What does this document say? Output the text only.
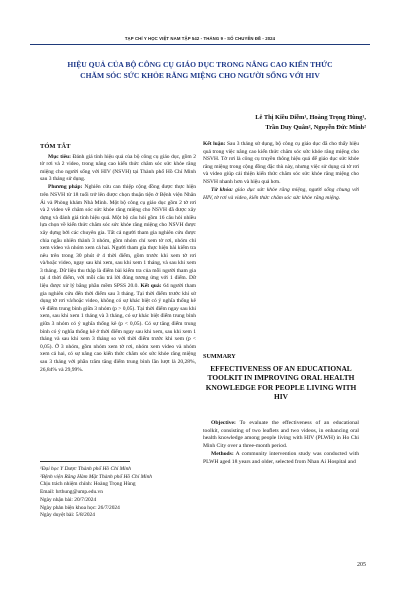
TẠP CHÍ Y HỌC VIỆT NAM TẬP 542 - THÁNG 9 - SỐ CHUYÊN ĐỀ - 2024
HIỆU QUẢ CỦA BỘ CÔNG CỤ GIÁO DỤC TRONG NÂNG CAO KIẾN THỨC
CHĂM SÓC SỨC KHỎE RĂNG MIỆNG CHO NGƯỜI SỐNG VỚI HIV
Lê Thị Kiều Diễm¹, Hoàng Trọng Hùng¹,
Trần Duy Quân², Nguyễn Đức Minh²
TÓM TẮT

Mục tiêu: Đánh giá tính hiệu quả của bộ công cụ giáo dục, gồm 2 tờ rơi và 2 video, trong nâng cao kiến thức chăm sóc sức khỏe răng miệng cho người sống với HIV (NSVH) tại Thành phố Hồ Chí Minh sau 3 tháng sử dụng.

Phương pháp: Nghiên cứu can thiệp cộng đồng được thực hiện trên NSVH từ 18 tuổi trở lên được chọn thuận tiện ở Bệnh viện Nhân Ái và Phòng khám Nhà Minh. Một bộ công cụ giáo dục gồm 2 tờ rơi và 2 video về chăm sóc sức khỏe răng miệng cho NSVH đã được xây dựng và đánh giá tính hiệu quả. Một bộ câu hỏi gồm 16 câu hỏi nhiều lựa chọn về kiến thức chăm sóc sức khỏe răng miệng cho NSVH được xây dựng bởi các chuyên gia. Tất cả người tham gia nghiên cứu được chia ngẫu nhiên thành 3 nhóm, gồm nhóm chỉ xem tờ rơi, nhóm chỉ xem video và nhóm xem cả hai. Người tham gia thực hiện bài kiểm tra nêu trên trong 30 phút ở 4 thời điểm, gồm trước khi xem tờ rơi và/hoặc video, ngay sau khi xem, sau khi xem 1 tháng, và sau khi xem 3 tháng. Dữ liệu thu thập là điểm bài kiểm tra của mỗi người tham gia tại 4 thời điểm, với mỗi câu trả lời đúng tương ứng với 1 điểm. Dữ liệu được xử lý bằng phần mềm SPSS 20.0. Kết quả: 64 người tham gia nghiên cứu đến thời điểm sau 3 tháng. Tại thời điểm trước khi sử dụng tờ rơi và/hoặc video, không có sự khác biệt có ý nghĩa thống kê về điểm trung bình giữa 3 nhóm (p > 0,05). Tại thời điểm ngay sau khi xem, sau khi xem 1 tháng và 3 tháng, có sự khác biệt điểm trung bình giữa 3 nhóm có ý nghĩa thống kê (p < 0,05). Có sự tăng điểm trung bình có ý nghĩa thống kê ở thời điểm ngay sau khi xem, sau khi xem 1 tháng và sau khi xem 3 tháng so với thời điểm trước khi xem (p < 0,05). Ở 3 nhóm, gồm nhóm xem tờ rơi, nhóm xem video và nhóm xem cả hai, có sự nâng cao kiến thức chăm sóc sức khỏe răng miệng sau 3 tháng với phần trăm tăng điểm trung bình lần lượt là 20,28%, 26,84% và 29,99%.

¹Đại học Y Dược Thành phố Hồ Chí Minh

²Bệnh viện Răng Hàm Mặt Thành phố Hồ Chí Minh

Chịu trách nhiệm chính: Hoàng Trọng Hùng

Email: hrthung@ump.edu.vn

Ngày nhận bài: 20/7/2024

Ngày phản biện khoa học: 26/7/2024

Ngày duyệt bài: 5/8/2024

Kết luận: Sau 3 tháng sử dụng, bộ công cụ giáo dục đã cho thấy hiệu quả trong việc nâng cao kiến thức chăm sóc sức khỏe răng miệng cho NSVH. Tờ rơi là công cụ truyền thông hiệu quả để giáo dục sức khỏe răng miệng trong cộng đồng đặc thù này, nhưng việc sử dụng cả tờ rơi và video giúp cải thiện kiến thức chăm sóc sức khỏe răng miệng cho NSVH nhanh hơn và hiệu quả hơn.

Từ khóa: giáo dục sức khỏe răng miệng, người sống chung với HIV, tờ rơi và video, kiến thức chăm sóc sức khỏe răng miệng.

SUMMARY
EFFECTIVENESS OF AN EDUCATIONAL TOOLKIT IN IMPROVING ORAL HEALTH KNOWLEDGE FOR PEOPLE LIVING WITH HIV

Objective: To evaluate the effectiveness of an educational toolkit, consisting of two leaflets and two videos, in enhancing oral health knowledge among people living with HIV (PLWH) in Ho Chi Minh City over a three-month period.

Methods: A community intervention study was conducted with PLWH aged 18 years and older, selected from Nhan Ai Hospital and

205
